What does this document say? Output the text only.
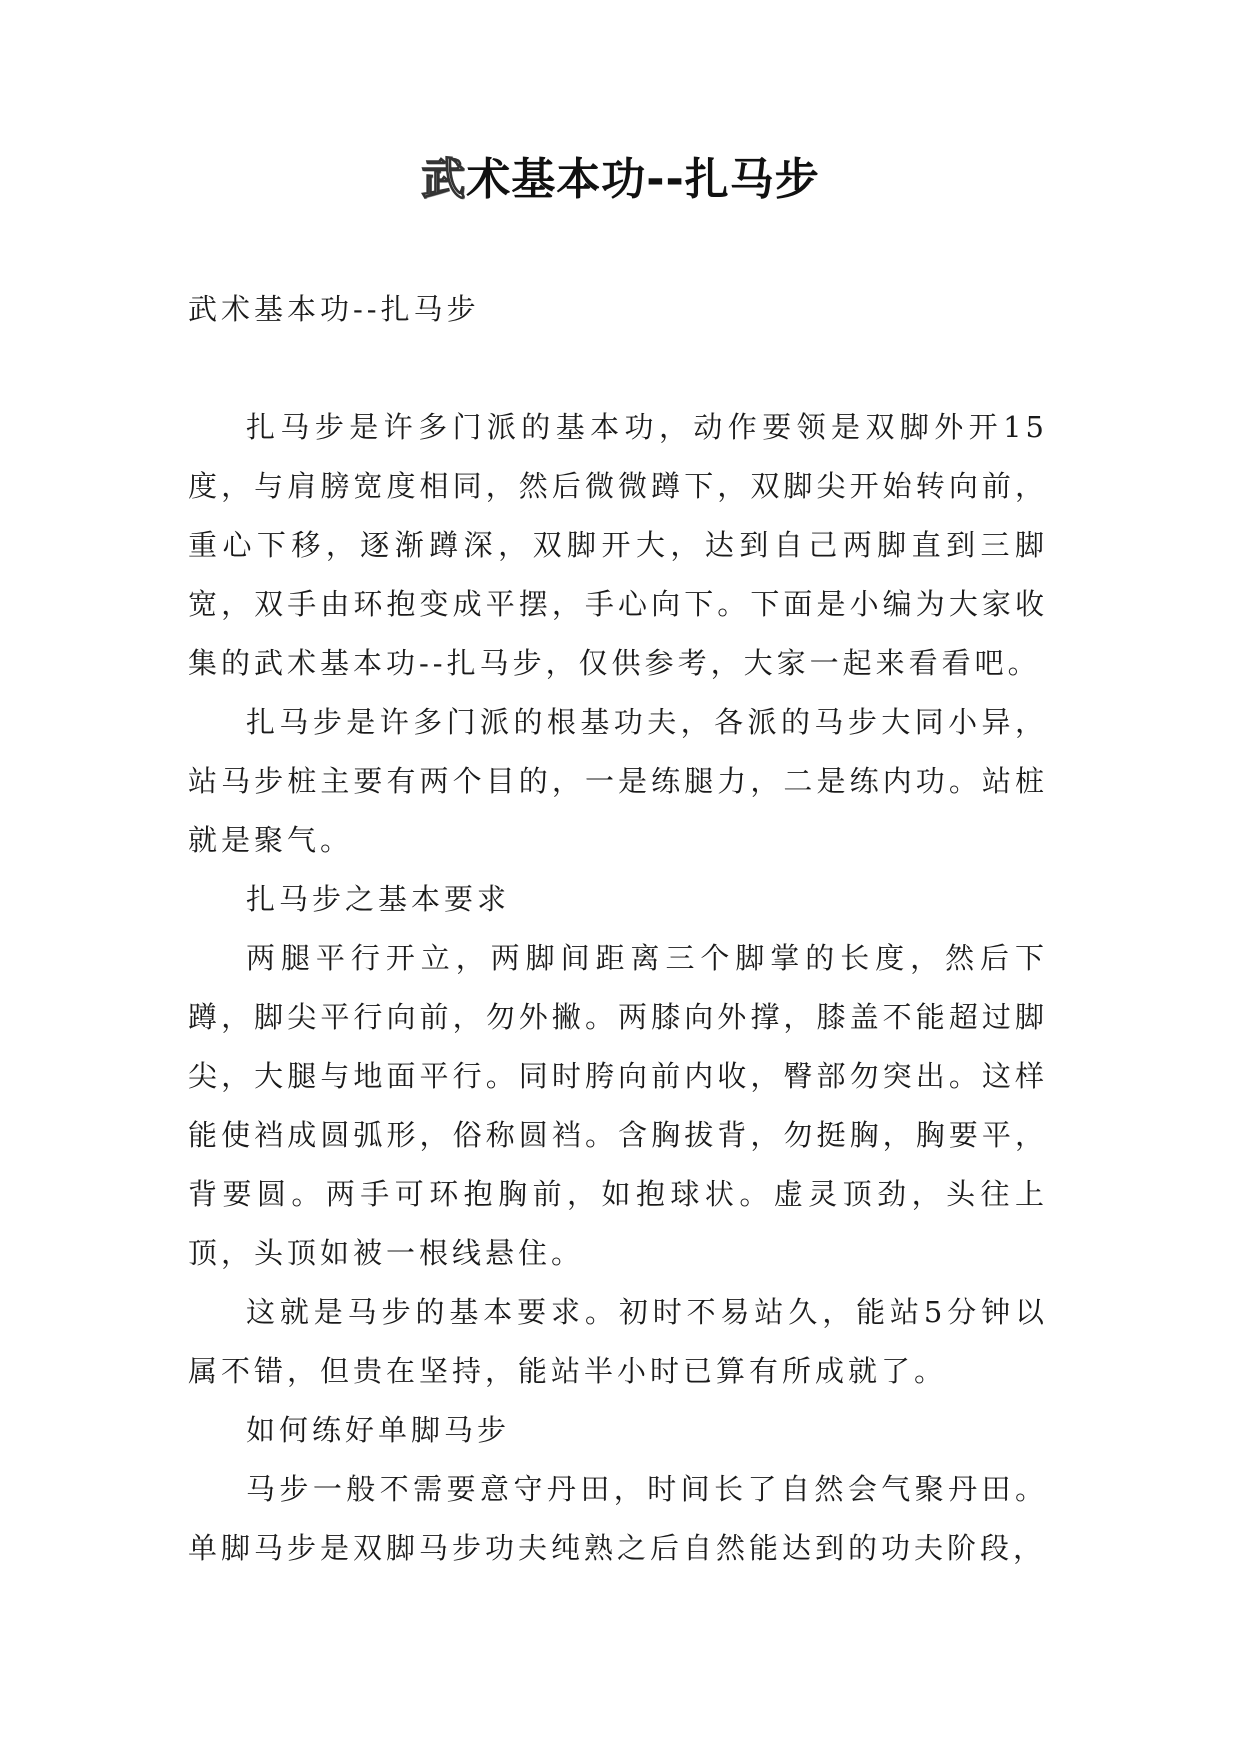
武术基本功--扎马步
武术基本功--扎马步

扎马步是许多门派的基本功，动作要领是双脚外开15度，与肩膀宽度相同，然后微微蹲下，双脚尖开始转向前，重心下移，逐渐蹲深，双脚开大，达到自己两脚直到三脚宽，双手由环抱变成平摆，手心向下。下面是小编为大家收集的武术基本功--扎马步，仅供参考，大家一起来看看吧。

扎马步是许多门派的根基功夫，各派的马步大同小异，站马步桩主要有两个目的，一是练腿力，二是练内功。站桩就是聚气。

扎马步之基本要求

两腿平行开立，两脚间距离三个脚掌的长度，然后下蹲，脚尖平行向前，勿外撇。两膝向外撑，膝盖不能超过脚尖，大腿与地面平行。同时胯向前内收，臀部勿突出。这样能使裆成圆弧形，俗称圆裆。含胸拔背，勿挺胸，胸要平，背要圆。两手可环抱胸前，如抱球状。虚灵顶劲，头往上顶，头顶如被一根线悬住。

这就是马步的基本要求。初时不易站久，能站5分钟以属不错，但贵在坚持，能站半小时已算有所成就了。

如何练好单脚马步

马步一般不需要意守丹田，时间长了自然会气聚丹田。单脚马步是双脚马步功夫纯熟之后自然能达到的功夫阶段，
